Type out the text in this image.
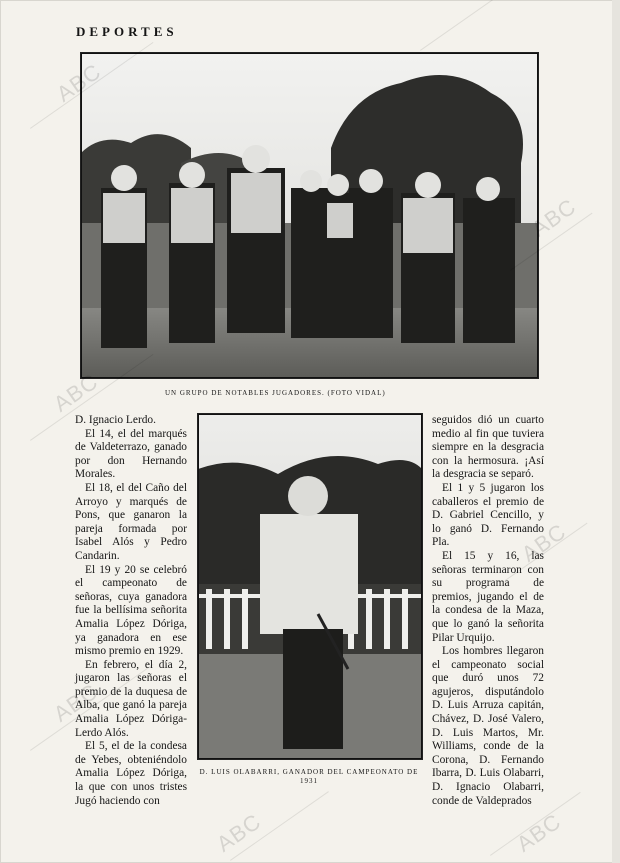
DEPORTES
UN GRUPO DE NOTABLES JUGADORES. (FOTO VIDAL)
D. LUIS OLABARRI, GANADOR DEL CAMPEONATO DE 1931

D. Ignacio Lerdo.

El 14, el del marqués de Valdeterrazo, ganado por don Hernando Morales.

El 18, el del Caño del Arroyo y marqués de Pons, que ganaron la pareja formada por Isabel Alós y Pedro Candarin.

El 19 y 20 se celebró el campeonato de señoras, cuya ganadora fue la bellísima señorita Amalia López Dóriga, ya ganadora en ese mismo premio en 1929.

En febrero, el día 2, jugaron las señoras el premio de la duquesa de Alba, que ganó la pareja Amalia López Dóriga-Lerdo Alós.

El 5, el de la condesa de Yebes, obteniéndolo Amalia López Dóriga, la que con unos tristes Jugó haciendo con

seguidos dió un cuarto medio al fin que tuviera siempre en la desgracia con la hermosura. ¡Así la desgracia se separó.

El 1 y 5 jugaron los caballeros el premio de D. Gabriel Cencillo, y lo ganó D. Fernando Pla.

El 15 y 16, las señoras terminaron con su programa de premios, jugando el de la condesa de la Maza, que lo ganó la señorita Pilar Urquijo.

Los hombres llegaron el campeonato social que duró unos 72 agujeros, disputándolo D. Luis Arruza capitán, Chávez, D. José Valero, D. Luis Martos, Mr. Williams, conde de la Corona, D. Fernando Ibarra, D. Luis Olabarri, D. Ignacio Olabarri, conde de Valdeprados

ABC
ABC
ABC
ABC
ABC
ABC	ABC
